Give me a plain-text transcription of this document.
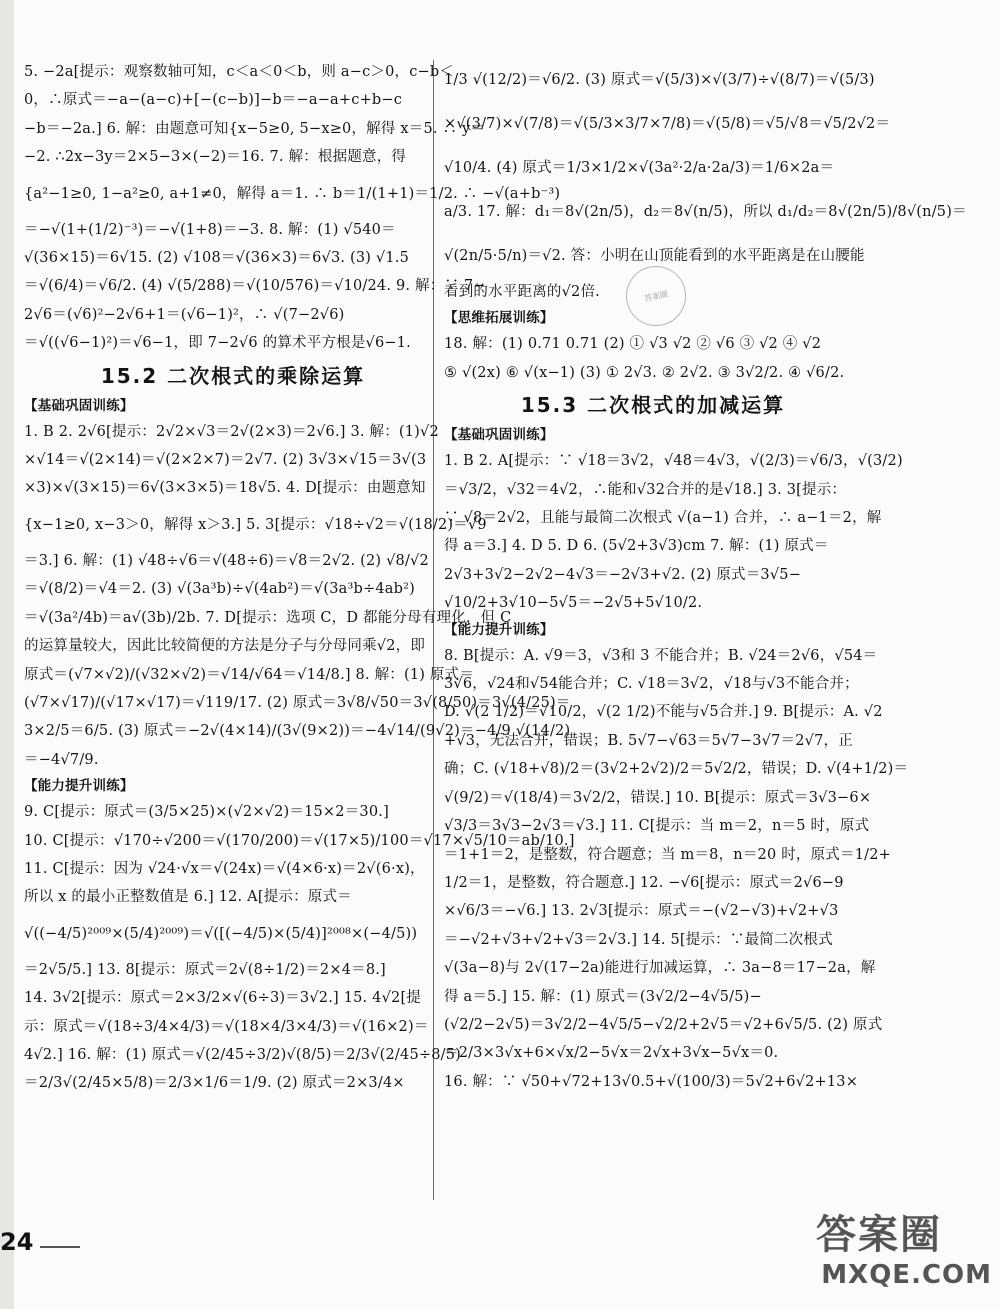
5. −2a[提示：观察数轴可知，c＜a＜0＜b，则 a−c＞0，c−b＜
0，∴原式＝−a−(a−c)+[−(c−b)]−b＝−a−a+c+b−c
−b＝−2a.] 6. 解：由题意可知{x−5≥0, 5−x≥0，解得 x＝5. ∴ y＝
−2. ∴2x−3y＝2×5−3×(−2)＝16. 7. 解：根据题意，得
{a²−1≥0, 1−a²≥0, a+1≠0，解得 a＝1. ∴ b＝1/(1+1)＝1/2. ∴ −√(a+b⁻³)
＝−√(1+(1/2)⁻³)＝−√(1+8)＝−3. 8. 解：(1) √540＝
√(36×15)＝6√15. (2) √108＝√(36×3)＝6√3. (3) √1.5
＝√(6/4)＝√6/2. (4) √(5/288)＝√(10/576)＝√10/24. 9. 解：∵ 7−
2√6＝(√6)²−2√6+1＝(√6−1)²，∴ √(7−2√6)
＝√((√6−1)²)＝√6−1，即 7−2√6 的算术平方根是√6−1.
15.2 二次根式的乘除运算
【基础巩固训练】
1. B 2. 2√6[提示：2√2×√3＝2√(2×3)＝2√6.] 3. 解：(1)√2
×√14＝√(2×14)＝√(2×2×7)＝2√7. (2) 3√3×√15＝3√(3
×3)×√(3×15)＝6√(3×3×5)＝18√5. 4. D[提示：由题意知
{x−1≥0, x−3＞0，解得 x＞3.] 5. 3[提示：√18÷√2＝√(18/2)＝√9
＝3.] 6. 解：(1) √48÷√6＝√(48÷6)＝√8＝2√2. (2) √8/√2
＝√(8/2)＝√4＝2. (3) √(3a³b)÷√(4ab²)＝√(3a³b÷4ab²)
＝√(3a²/4b)＝a√(3b)/2b. 7. D[提示：选项 C，D 都能分母有理化，但 C
的运算量较大，因此比较简便的方法是分子与分母同乘√2，即
原式＝(√7×√2)/(√32×√2)＝√14/√64＝√14/8.] 8. 解：(1) 原式＝
(√7×√17)/(√17×√17)＝√119/17. (2) 原式＝3√8/√50＝3√(8/50)＝3√(4/25)＝
3×2/5＝6/5. (3) 原式＝−2√(4×14)/(3√(9×2))＝−4√14/(9√2)＝−4/9 √(14/2)
＝−4√7/9.
【能力提升训练】
9. C[提示：原式＝(3/5×25)×(√2×√2)＝15×2＝30.]
10. C[提示：√170÷√200＝√(170/200)＝√(17×5)/100＝√17×√5/10＝ab/10.]
11. C[提示：因为 √24·√x＝√(24x)＝√(4×6·x)＝2√(6·x)，
所以 x 的最小正整数值是 6.] 12. A[提示：原式＝
√((−4/5)²⁰⁰⁹×(5/4)²⁰⁰⁹)＝√([(−4/5)×(5/4)]²⁰⁰⁸×(−4/5))
＝2√5/5.] 13. 8[提示：原式＝2√(8÷1/2)＝2×4＝8.]
14. 3√2[提示：原式＝2×3/2×√(6÷3)＝3√2.] 15. 4√2[提
示：原式＝√(18÷3/4×4/3)＝√(18×4/3×4/3)＝√(16×2)＝
4√2.] 16. 解：(1) 原式＝√(2/45÷3/2)√(8/5)＝2/3√(2/45÷8/5)
＝2/3√(2/45×5/8)＝2/3×1/6＝1/9. (2) 原式＝2×3/4×
1/3 √(12/2)＝√6/2. (3) 原式＝√(5/3)×√(3/7)÷√(8/7)＝√(5/3)
×√(3/7)×√(7/8)＝√(5/3×3/7×7/8)＝√(5/8)＝√5/√8＝√5/2√2＝
√10/4. (4) 原式＝1/3×1/2×√(3a²·2/a·2a/3)＝1/6×2a＝
a/3. 17. 解：d₁＝8√(2n/5)，d₂＝8√(n/5)，所以 d₁/d₂＝8√(2n/5)/8√(n/5)＝
√(2n/5·5/n)＝√2. 答：小明在山顶能看到的水平距离是在山腰能
看到的水平距离的√2倍.
【思维拓展训练】
18. 解：(1) 0.71 0.71 (2) ① √3 √2 ② √6 ③ √2 ④ √2
⑤ √(2x) ⑥ √(x−1) (3) ① 2√3. ② 2√2. ③ 3√2/2. ④ √6/2.
15.3 二次根式的加减运算
【基础巩固训练】
1. B 2. A[提示：∵ √18＝3√2，√48＝4√3，√(2/3)＝√6/3，√(3/2)
＝√3/2，√32＝4√2，∴能和√32合并的是√18.] 3. 3[提示：
∵ √8＝2√2，且能与最简二次根式 √(a−1) 合并，∴ a−1＝2，解
得 a＝3.] 4. D 5. D 6. (5√2+3√3)cm 7. 解：(1) 原式＝
2√3+3√2−2√2−4√3＝−2√3+√2. (2) 原式＝3√5−
√10/2+3√10−5√5＝−2√5+5√10/2.
【能力提升训练】
8. B[提示：A. √9＝3，√3和 3 不能合并；B. √24＝2√6，√54＝
3√6，√24和√54能合并；C. √18＝3√2，√18与√3不能合并；
D. √(2 1/2)＝√10/2，√(2 1/2)不能与√5合并.] 9. B[提示：A. √2
+√3，无法合并，错误；B. 5√7−√63＝5√7−3√7＝2√7，正
确；C. (√18+√8)/2＝(3√2+2√2)/2＝5√2/2，错误；D. √(4+1/2)＝
√(9/2)＝√(18/4)＝3√2/2，错误.] 10. B[提示：原式＝3√3−6×
√3/3＝3√3−2√3＝√3.] 11. C[提示：当 m＝2，n＝5 时，原式
＝1+1＝2，是整数，符合题意；当 m＝8，n＝20 时，原式＝1/2+
1/2＝1，是整数，符合题意.] 12. −√6[提示：原式＝2√6−9
×√6/3＝−√6.] 13. 2√3[提示：原式＝−(√2−√3)+√2+√3
＝−√2+√3+√2+√3＝2√3.] 14. 5[提示：∵最简二次根式
√(3a−8)与 2√(17−2a)能进行加减运算，∴ 3a−8＝17−2a，解
得 a＝5.] 15. 解：(1) 原式＝(3√2/2−4√5/5)−
(√2/2−2√5)＝3√2/2−4√5/5−√2/2+2√5＝√2+6√5/5. (2) 原式
＝2/3×3√x+6×√x/2−5√x＝2√x+3√x−5√x＝0.
16. 解：∵ √50+√72+13√0.5+√(100/3)＝5√2+6√2+13×
答案圈
24	答案圈
MXQE.COM
